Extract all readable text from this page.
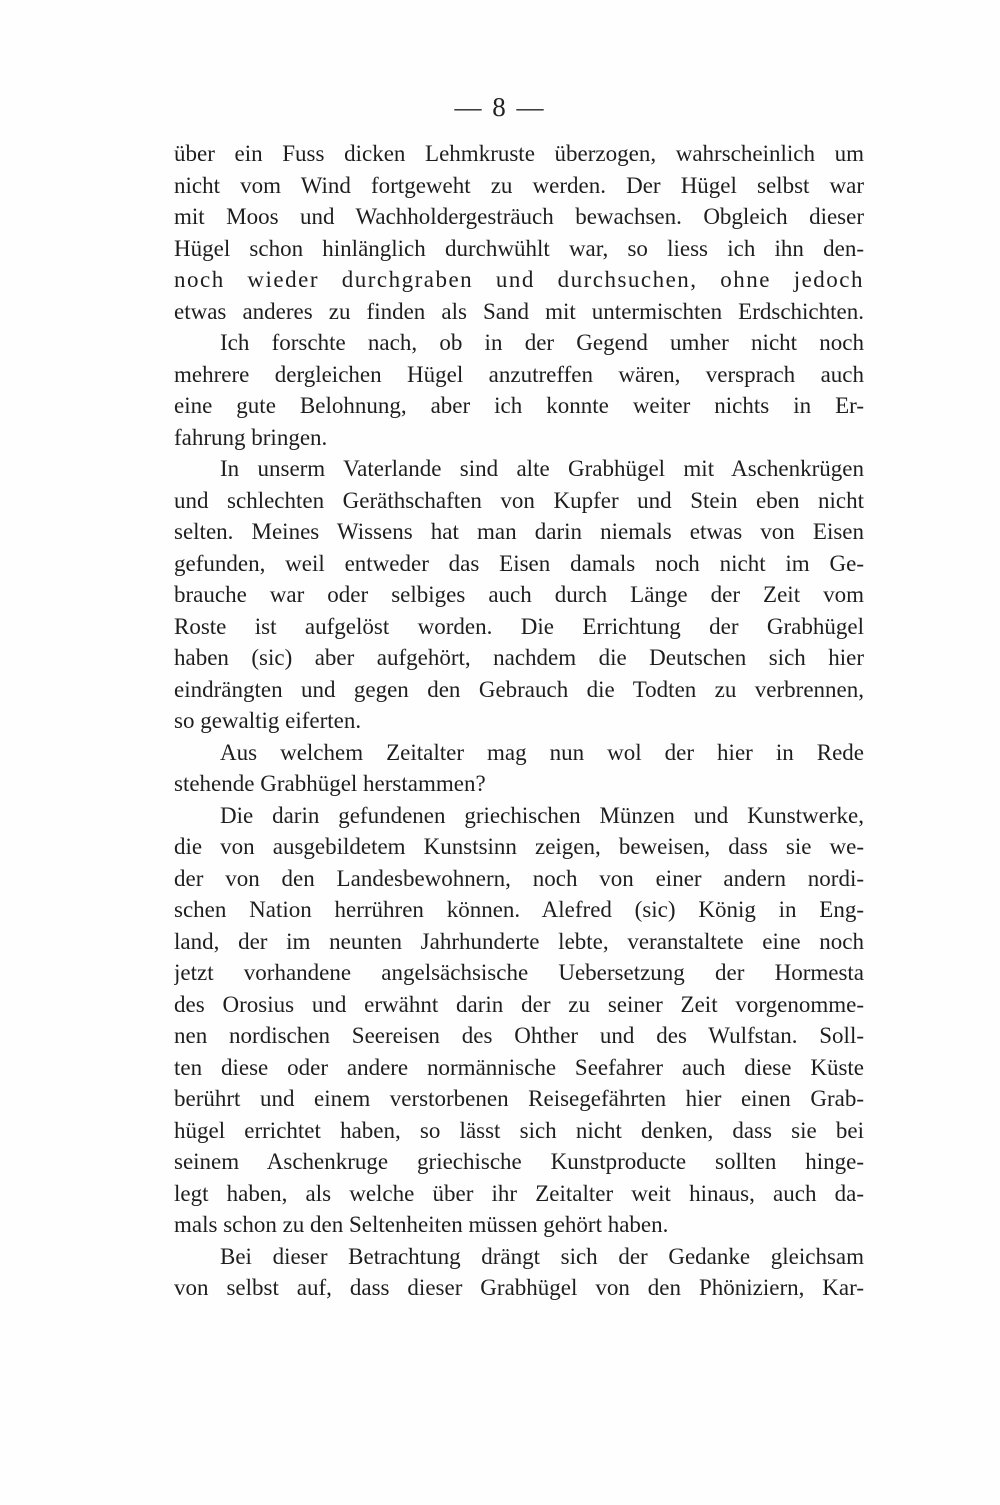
— 8 —

über ein Fuss dicken Lehmkruste überzogen, wahrscheinlich um
nicht vom Wind fortgeweht zu werden. Der Hügel selbst war
mit Moos und Wachholdergesträuch bewachsen. Obgleich dieser
Hügel schon hinlänglich durchwühlt war, so liess ich ihn den-
noch wieder durchgraben und durchsuchen, ohne jedoch
etwas anderes zu finden als Sand mit untermischten Erdschichten.

Ich forschte nach, ob in der Gegend umher nicht noch
mehrere dergleichen Hügel anzutreffen wären, versprach auch
eine gute Belohnung, aber ich konnte weiter nichts in Er-
fahrung bringen.

In unserm Vaterlande sind alte Grabhügel mit Aschenkrügen
und schlechten Geräthschaften von Kupfer und Stein eben nicht
selten. Meines Wissens hat man darin niemals etwas von Eisen
gefunden, weil entweder das Eisen damals noch nicht im Ge-
brauche war oder selbiges auch durch Länge der Zeit vom
Roste ist aufgelöst worden. Die Errichtung der Grabhügel
haben (sic) aber aufgehört, nachdem die Deutschen sich hier
eindrängten und gegen den Gebrauch die Todten zu verbrennen,
so gewaltig eiferten.

Aus welchem Zeitalter mag nun wol der hier in Rede
stehende Grabhügel herstammen?

Die darin gefundenen griechischen Münzen und Kunstwerke,
die von ausgebildetem Kunstsinn zeigen, beweisen, dass sie we-
der von den Landesbewohnern, noch von einer andern nordi-
schen Nation herrühren können. Alefred (sic) König in Eng-
land, der im neunten Jahrhunderte lebte, veranstaltete eine noch
jetzt vorhandene angelsächsische Uebersetzung der Hormesta
des Orosius und erwähnt darin der zu seiner Zeit vorgenomme-
nen nordischen Seereisen des Ohther und des Wulfstan. Soll-
ten diese oder andere normännische Seefahrer auch diese Küste
berührt und einem verstorbenen Reisegefährten hier einen Grab-
hügel errichtet haben, so lässt sich nicht denken, dass sie bei
seinem Aschenkruge griechische Kunstproducte sollten hinge-
legt haben, als welche über ihr Zeitalter weit hinaus, auch da-
mals schon zu den Seltenheiten müssen gehört haben.

Bei dieser Betrachtung drängt sich der Gedanke gleichsam
von selbst auf, dass dieser Grabhügel von den Phöniziern, Kar-
